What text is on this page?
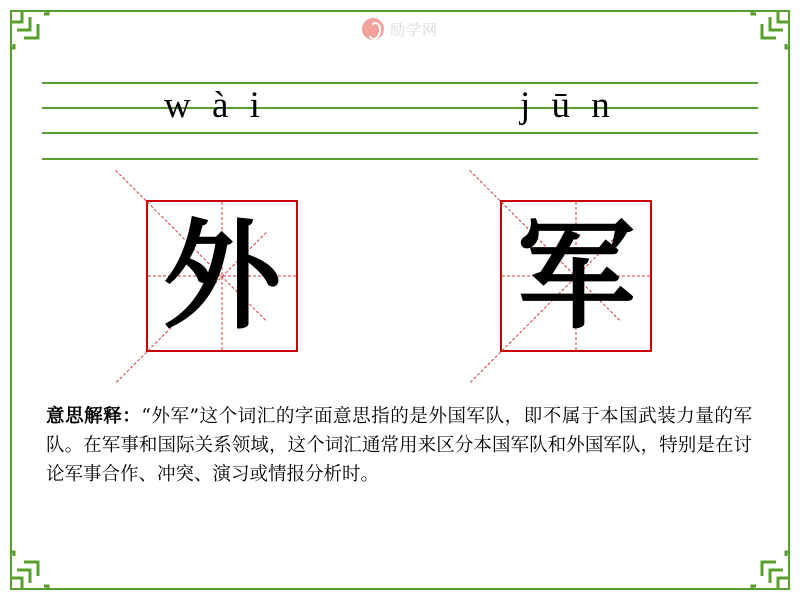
励学网
w à i	j ū n
外 军
意思解释：“外军”这个词汇的字面意思指的是外国军队，即不属于本国武装力量的军队。在军事和国际关系领域，这个词汇通常用来区分本国军队和外国军队，特别是在讨论军事合作、冲突、演习或情报分析时。
